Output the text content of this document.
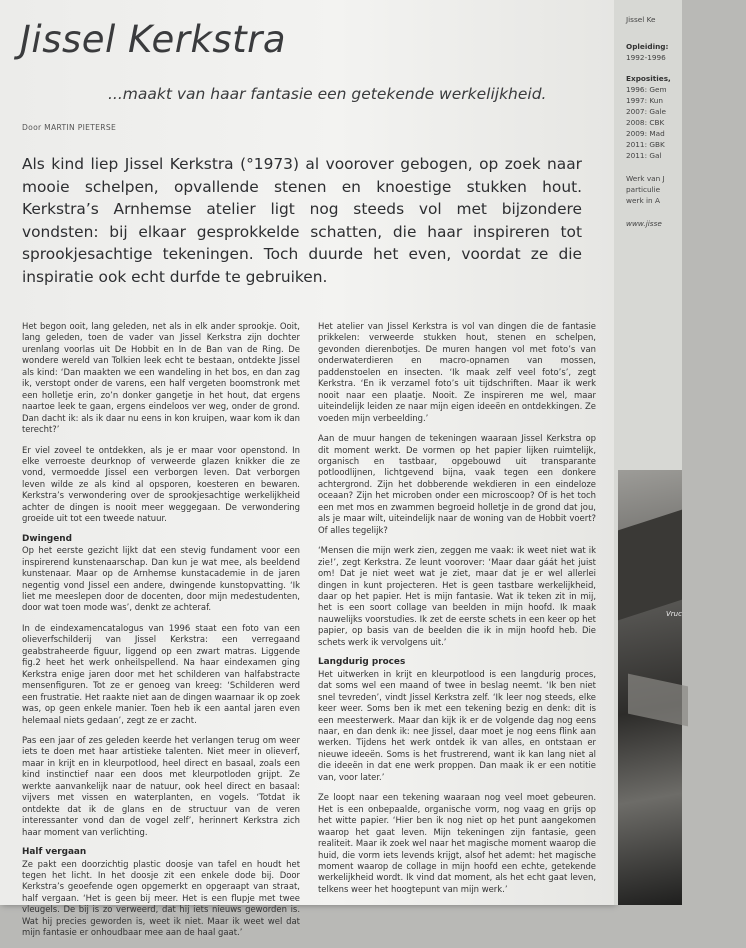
Jissel Kerkstra

...maakt van haar fantasie een getekende werkelijkheid.

Door MARTIN PIETERSE

Als kind liep Jissel Kerkstra (°1973) al voorover gebogen, op zoek naar mooie schelpen, opvallende stenen en knoestige stukken hout. Kerkstra’s Arnhemse atelier ligt nog steeds vol met bijzondere vondsten: bij elkaar gesprokkelde schatten, die haar inspireren tot sprookjesachtige tekeningen. Toch duurde het even, voordat ze die inspiratie ook echt durfde te gebruiken.

Het begon ooit, lang geleden, net als in elk ander sprookje. Ooit, lang geleden, toen de vader van Jissel Kerkstra zijn dochter urenlang voorlas uit De Hobbit en In de Ban van de Ring. De wondere wereld van Tolkien leek echt te bestaan, ontdekte Jissel als kind: ‘Dan maakten we een wandeling in het bos, en dan zag ik, verstopt onder de varens, een half vergeten boomstronk met een holletje erin, zo’n donker gangetje in het hout, dat ergens naartoe leek te gaan, ergens eindeloos ver weg, onder de grond. Dan dacht ik: als ik daar nu eens in kon kruipen, waar kom ik dan terecht?’

Er viel zoveel te ontdekken, als je er maar voor openstond. In elke verroeste deurknop of verweerde glazen knikker die ze vond, vermoedde Jissel een verborgen leven. Dat verborgen leven wilde ze als kind al opsporen, koesteren en bewaren. Kerkstra’s verwondering over de sprookjesachtige werkelijkheid achter de dingen is nooit meer weggegaan. De verwondering groeide uit tot een tweede natuur.

Dwingend

Op het eerste gezicht lijkt dat een stevig fundament voor een inspirerend kunstenaarschap. Dan kun je wat mee, als beeldend kunstenaar. Maar op de Arnhemse kunstacademie in de jaren negentig vond Jissel een andere, dwingende kunstopvatting. ‘Ik liet me meeslepen door de docenten, door mijn medestudenten, door wat toen mode was’, denkt ze achteraf.

In de eindexamencatalogus van 1996 staat een foto van een olieverfschilderij van Jissel Kerkstra: een verregaand geabstraheerde figuur, liggend op een zwart matras. Liggende fig.2 heet het werk onheilspellend. Na haar eindexamen ging Kerkstra enige jaren door met het schilderen van halfabstracte mensenfiguren. Tot ze er genoeg van kreeg: ‘Schilderen werd een frustratie. Het raakte niet aan de dingen waarnaar ik op zoek was, op geen enkele manier. Toen heb ik een aantal jaren even helemaal niets gedaan’, zegt ze er zacht.

Pas een jaar of zes geleden keerde het verlangen terug om weer iets te doen met haar artistieke talenten. Niet meer in olieverf, maar in krijt en in kleurpotlood, heel direct en basaal, zoals een kind instinctief naar een doos met kleurpotloden grijpt. Ze werkte aanvankelijk naar de natuur, ook heel direct en basaal: vijvers met vissen en waterplanten, en vogels. ‘Totdat ik ontdekte dat ik de glans en de structuur van de veren interessanter vond dan de vogel zelf’, herinnert Kerkstra zich haar moment van verlichting.

Half vergaan

Ze pakt een doorzichtig plastic doosje van tafel en houdt het tegen het licht. In het doosje zit een enkele dode bij. Door Kerkstra’s geoefende ogen opgemerkt en opgeraapt van straat, half vergaan. ‘Het is geen bij meer. Het is een flupje met twee vleugels. De bij is zo verweerd, dat hij iets nieuws geworden is. Wat hij precies geworden is, weet ik niet. Maar ik weet wel dat mijn fantasie er onhoudbaar mee aan de haal gaat.’

Het atelier van Jissel Kerkstra is vol van dingen die de fantasie prikkelen: verweerde stukken hout, stenen en schelpen, gevonden dierenbotjes. De muren hangen vol met foto’s van onderwaterdieren en macro-opnamen van mossen, paddenstoelen en insecten. ‘Ik maak zelf veel foto’s’, zegt Kerkstra. ‘En ik verzamel foto’s uit tijdschriften. Maar ik werk nooit naar een plaatje. Nooit. Ze inspireren me wel, maar uiteindelijk leiden ze naar mijn eigen ideeën en ontdekkingen. Ze voeden mijn verbeelding.’

Aan de muur hangen de tekeningen waaraan Jissel Kerkstra op dit moment werkt. De vormen op het papier lijken ruimtelijk, organisch en tastbaar, opgebouwd uit transparante potloodlijnen, lichtgevend bijna, vaak tegen een donkere achtergrond. Zijn het dobberende wekdieren in een eindeloze oceaan? Zijn het microben onder een microscoop? Of is het toch een met mos en zwammen begroeid holletje in de grond dat jou, als je maar wilt, uiteindelijk naar de woning van de Hobbit voert? Of alles tegelijk?

‘Mensen die mijn werk zien, zeggen me vaak: ik weet niet wat ik zie!’, zegt Kerkstra. Ze leunt voorover: ‘Maar daar gáát het juist om! Dat je niet weet wat je ziet, maar dat je er wel allerlei dingen in kunt projecteren. Het is geen tastbare werkelijkheid, daar op het papier. Het is mijn fantasie. Wat ik teken zit in mij, het is een soort collage van beelden in mijn hoofd. Ik maak nauwelijks voorstudies. Ik zet de eerste schets in een keer op het papier, op basis van de beelden die ik in mijn hoofd heb. Die schets werk ik vervolgens uit.’

Langdurig proces

Het uitwerken in krijt en kleurpotlood is een langdurig proces, dat soms wel een maand of twee in beslag neemt. ‘Ik ben niet snel tevreden’, vindt Jissel Kerkstra zelf. ‘Ik leer nog steeds, elke keer weer. Soms ben ik met een tekening bezig en denk: dit is een meesterwerk. Maar dan kijk ik er de volgende dag nog eens naar, en dan denk ik: nee Jissel, daar moet je nog eens flink aan werken. Tijdens het werk ontdek ik van alles, en ontstaan er nieuwe ideeën. Soms is het frustrerend, want ik kan lang niet al die ideeën in dat ene werk proppen. Dan maak ik er een notitie van, voor later.’

Ze loopt naar een tekening waaraan nog veel moet gebeuren. Het is een onbepaalde, organische vorm, nog vaag en grijs op het witte papier. ‘Hier ben ik nog niet op het punt aangekomen waarop het gaat leven. Mijn tekeningen zijn fantasie, geen realiteit. Maar ik zoek wel naar het magische moment waarop die huid, die vorm iets levends krijgt, alsof het ademt: het magische moment waarop de collage in mijn hoofd een echte, getekende werkelijkheid wordt. Ik vind dat moment, als het echt gaat leven, telkens weer het hoogtepunt van mijn werk.’

Jissel Ke
Opleiding:
1992-1996
Exposities,
1996: Gem
1997: Kun
2007: Gale
2008: CBK
2009: Mad
2011: GBK
2011: Gal
Werk van J
particulie
werk in A
www.jisse
Vruc
